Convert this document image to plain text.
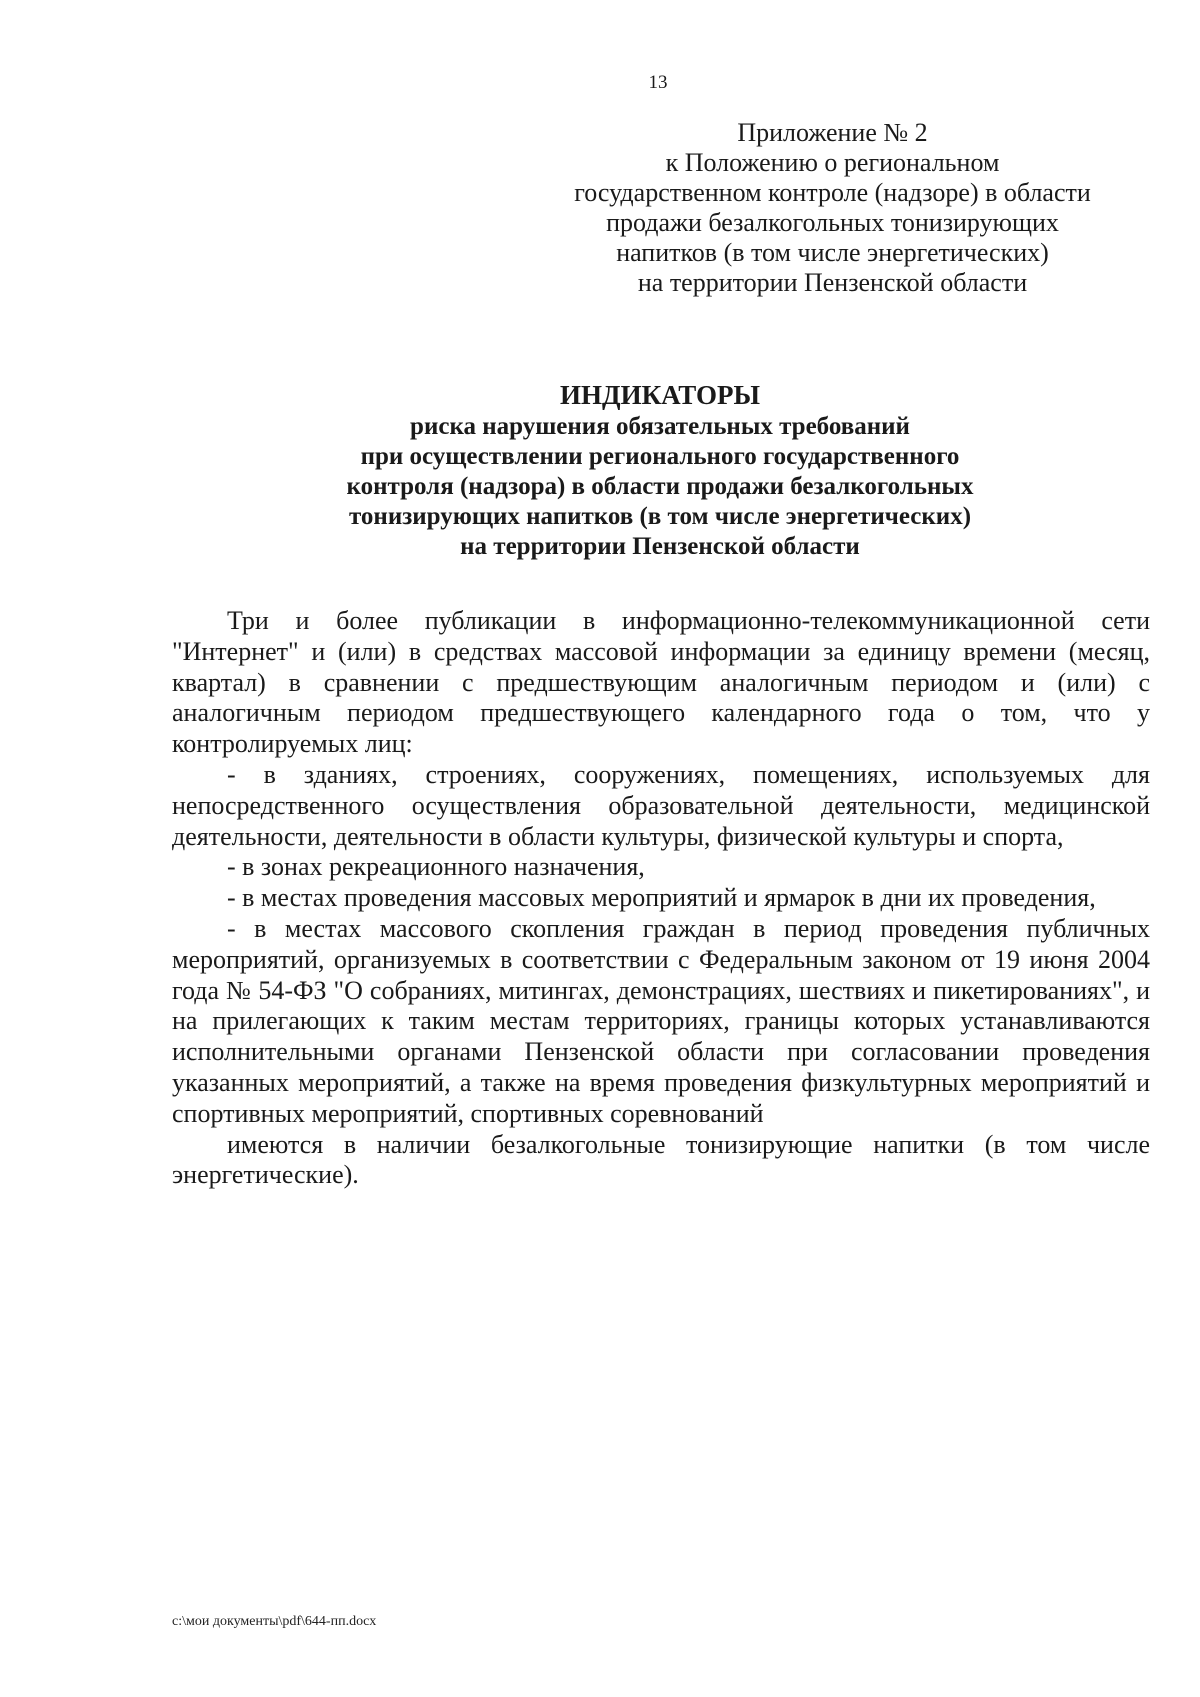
13
Приложение № 2
к Положению о региональном
государственном контроле (надзоре) в области
продажи безалкогольных тонизирующих
напитков (в том числе энергетических)
на территории Пензенской области
ИНДИКАТОРЫ
риска нарушения обязательных требований
при осуществлении регионального государственного
контроля (надзора) в области продажи безалкогольных
тонизирующих напитков (в том числе энергетических)
на территории Пензенской области

Три и более публикации в информационно-телекоммуникационной сети "Интернет" и (или) в средствах массовой информации за единицу времени (месяц, квартал) в сравнении с предшествующим аналогичным периодом и (или) с аналогичным периодом предшествующего календарного года о том, что у контролируемых лиц:

- в зданиях, строениях, сооружениях, помещениях, используемых для непосредственного осуществления образовательной деятельности, медицинской деятельности, деятельности в области культуры, физической культуры и спорта,

- в зонах рекреационного назначения,

- в местах проведения массовых мероприятий и ярмарок в дни их проведения,

- в местах массового скопления граждан в период проведения публичных мероприятий, организуемых в соответствии с Федеральным законом от 19 июня 2004 года № 54-ФЗ "О собраниях, митингах, демонстрациях, шествиях и пикетированиях", и на прилегающих к таким местам территориях, границы которых устанавливаются исполнительными органами Пензенской области при согласовании проведения указанных мероприятий, а также на время проведения физкультурных мероприятий и спортивных мероприятий, спортивных соревнований

имеются в наличии безалкогольные тонизирующие напитки (в том числе энергетические).

c:\мои документы\pdf\644-пп.docx
